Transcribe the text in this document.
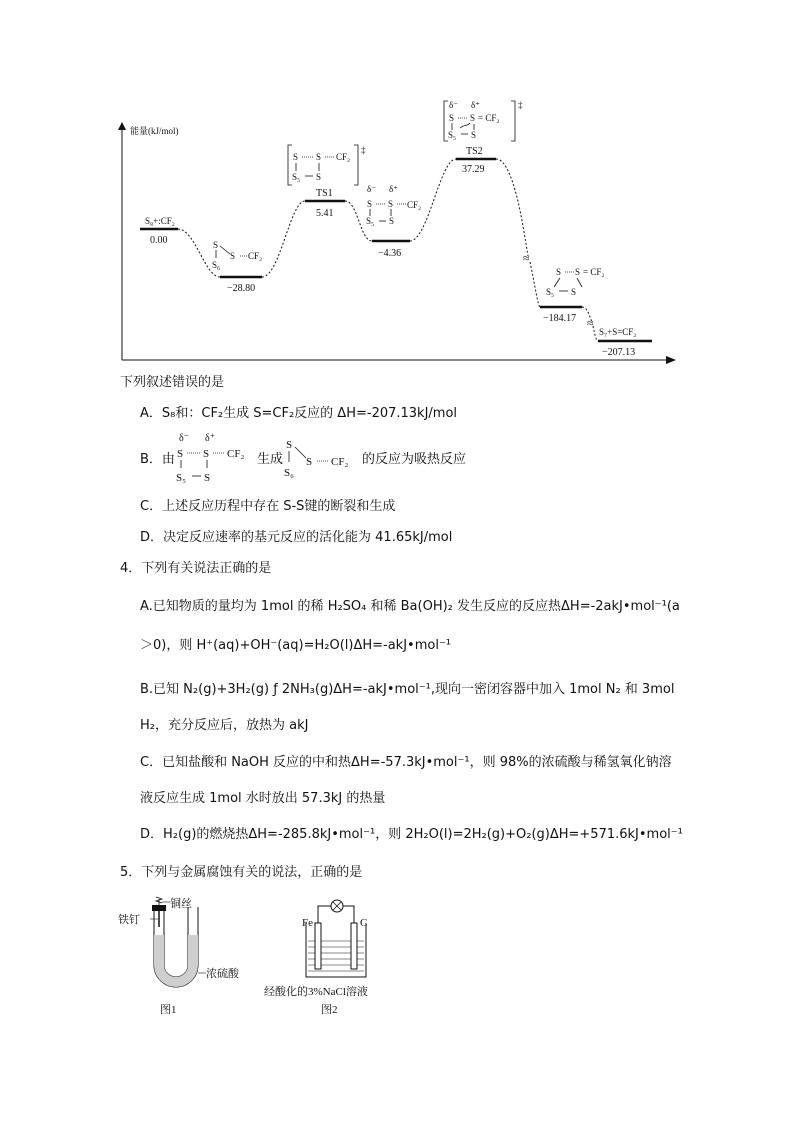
能量(kJ/mol)
≈
≈
S₈+:CF₂
0.00
−28.80
TS1
5.41
−4.36
TS2
37.29
−184.17
S₇+S=CF₂
−207.13
S
S
S₆
CF₂
‡
S S CF₂
S₅ S
δ⁻ δ⁺
S S CF₂
S₅ S
‡
δ⁻ δ⁺
S S = CF₂
S₅ S
S S = CF₂
S₅ S
下列叙述错误的是
A．S₈和：CF₂生成 S=CF₂反应的 ΔH=-207.13kJ/mol
B．由
δ⁻ δ⁺
S S CF₂
S₅ S
生成
S
S
S₆
CF₂ 的反应为吸热反应
C．上述反应历程中存在 S-S键的断裂和生成
D．决定反应速率的基元反应的活化能为 41.65kJ/mol
4．下列有关说法正确的是
A.已知物质的量均为 1mol 的稀 H₂SO₄ 和稀 Ba(OH)₂ 发生反应的反应热ΔH=-2akJ•mol⁻¹(a
＞0)，则 H⁺(aq)+OH⁻(aq)=H₂O(l)ΔH=-akJ•mol⁻¹
B.已知 N₂(g)+3H₂(g) ƒ 2NH₃(g)ΔH=-akJ•mol⁻¹,现向一密闭容器中加入 1mol N₂ 和 3mol
H₂，充分反应后，放热为 akJ
C．已知盐酸和 NaOH 反应的中和热ΔH=-57.3kJ•mol⁻¹，则 98%的浓硫酸与稀氢氧化钠溶
液反应生成 1mol 水时放出 57.3kJ 的热量
D．H₂(g)的燃烧热ΔH=-285.8kJ•mol⁻¹，则 2H₂O(l)=2H₂(g)+O₂(g)ΔH=+571.6kJ•mol⁻¹
5．下列与金属腐蚀有关的说法，正确的是
铜丝
铁钉
浓硫酸
图1
Fe	C
经酸化的3%NaCl溶液
图2
